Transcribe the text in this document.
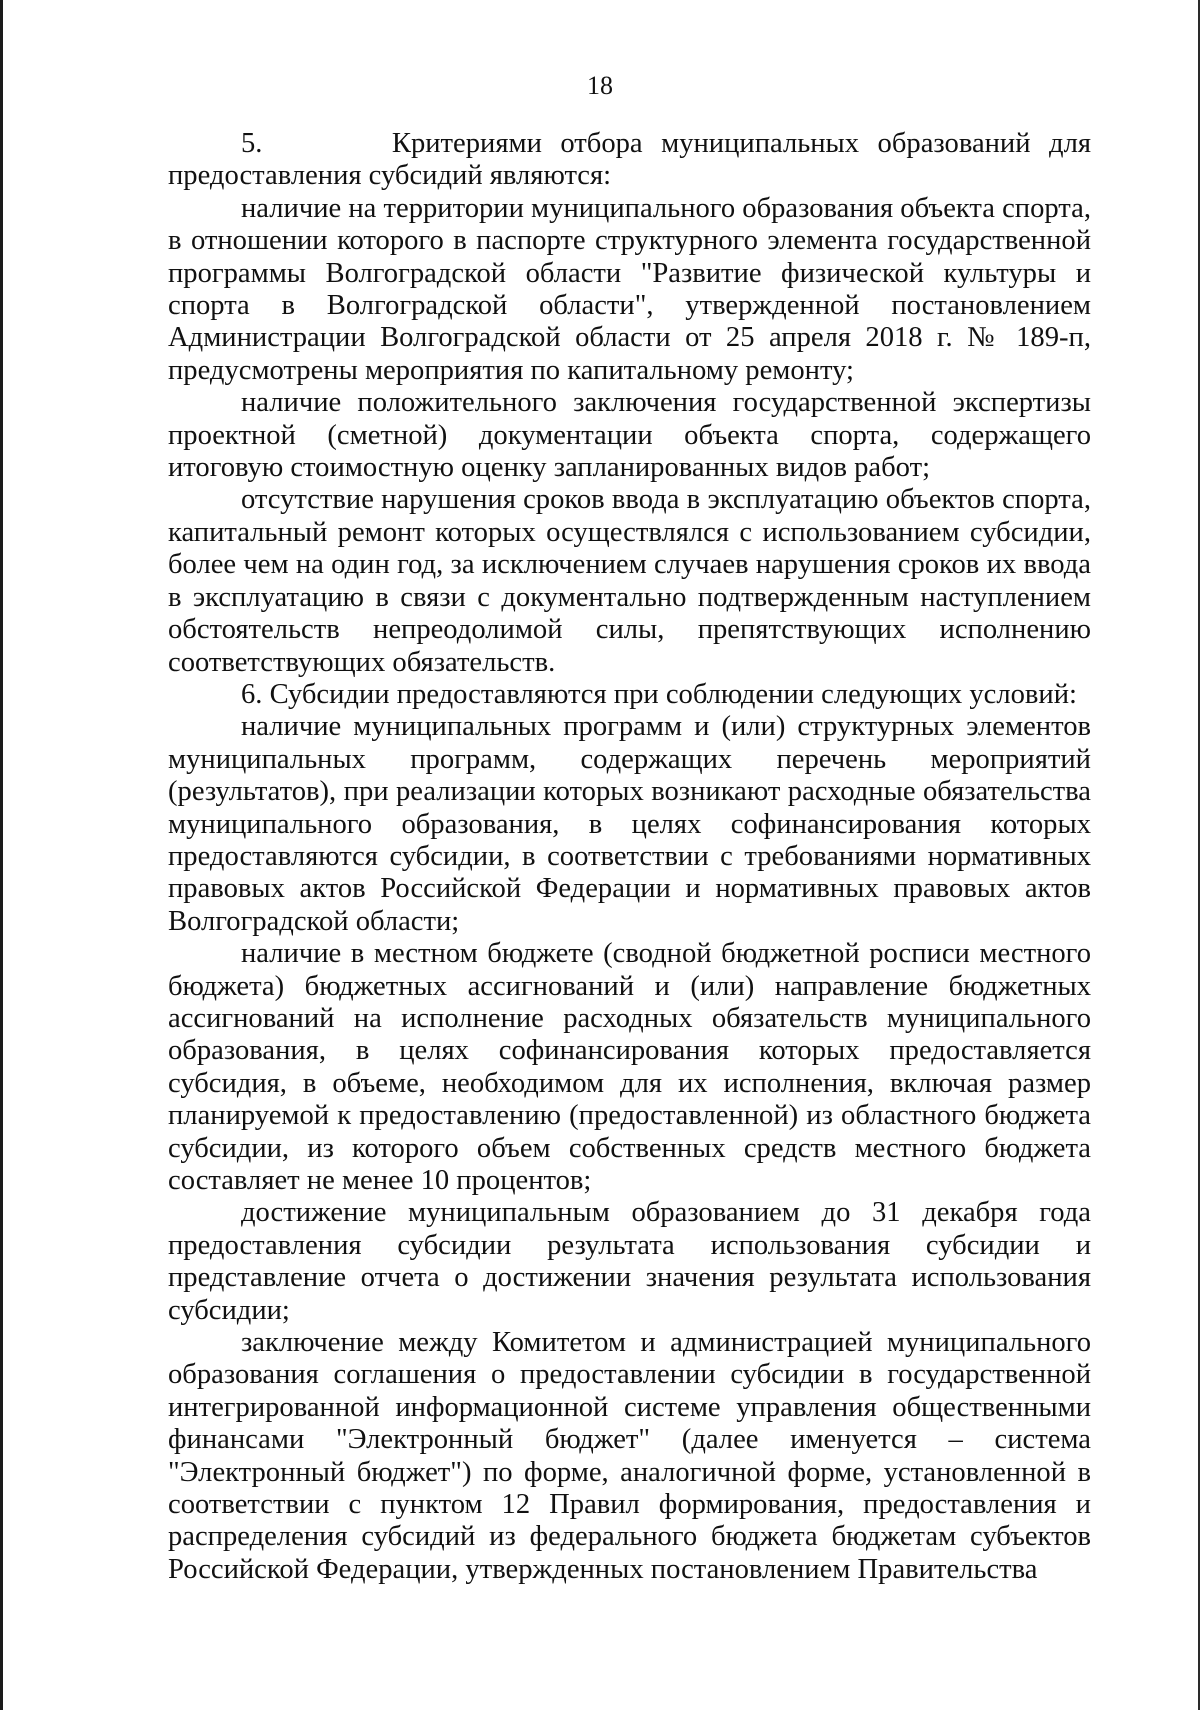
18

5.       Критериями отбора муниципальных образований для предоставления субсидий являются:

наличие на территории муниципального образования объекта спорта, в отношении которого в паспорте структурного элемента государственной программы Волгоградской области "Развитие физической культуры и спорта в Волгоградской области", утвержденной постановлением Администрации Волгоградской области от 25 апреля 2018 г. № 189-п, предусмотрены мероприятия по капитальному ремонту;

наличие положительного заключения государственной экспертизы проектной (сметной) документации объекта спорта, содержащего итоговую стоимостную оценку запланированных видов работ;

отсутствие нарушения сроков ввода в эксплуатацию объектов спорта, капитальный ремонт которых осуществлялся с использованием субсидии, более чем на один год, за исключением случаев нарушения сроков их ввода в эксплуатацию в связи с документально подтвержденным наступлением обстоятельств непреодолимой силы, препятствующих исполнению соответствующих обязательств.

6. Субсидии предоставляются при соблюдении следующих условий:

наличие муниципальных программ и (или) структурных элементов муниципальных программ, содержащих перечень мероприятий (результатов), при реализации которых возникают расходные обязательства муниципального образования, в целях софинансирования которых предоставляются субсидии, в соответствии с требованиями нормативных правовых актов Российской Федерации и нормативных правовых актов Волгоградской области;

наличие в местном бюджете (сводной бюджетной росписи местного бюджета) бюджетных ассигнований и (или) направление бюджетных ассигнований на исполнение расходных обязательств муниципального образования, в целях софинансирования которых предоставляется субсидия, в объеме, необходимом для их исполнения, включая размер планируемой к предоставлению (предоставленной) из областного бюджета субсидии, из которого объем собственных средств местного бюджета составляет не менее 10 процентов;

достижение муниципальным образованием до 31 декабря года предоставления субсидии результата использования субсидии и представление отчета о достижении значения результата использования субсидии;

заключение между Комитетом и администрацией муниципального образования соглашения о предоставлении субсидии в государственной интегрированной информационной системе управления общественными финансами "Электронный бюджет" (далее именуется – система "Электронный бюджет") по форме, аналогичной форме, установленной в соответствии с пунктом 12 Правил формирования, предоставления и распределения субсидий из федерального бюджета бюджетам субъектов Российской Федерации, утвержденных постановлением Правительства
